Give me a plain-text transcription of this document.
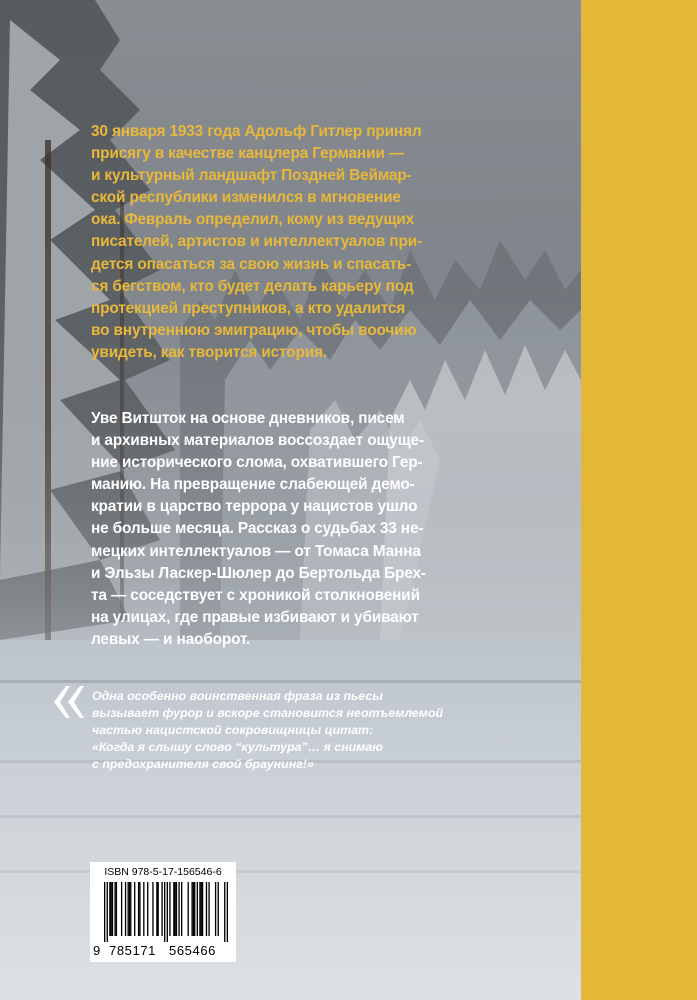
30 января 1933 года Адольф Гитлер принял
присягу в качестве канцлера Германии —
и культурный ландшафт Поздней Веймар-
ской республики изменился в мгновение
ока. Февраль определил, кому из ведущих
писателей, артистов и интеллектуалов при-
дется опасаться за свою жизнь и спасать-
ся бегством, кто будет делать карьеру под
протекцией преступников, а кто удалится
во внутреннюю эмиграцию, чтобы воочию
увидеть, как творится история.

Уве Витшток на основе дневников, писем
и архивных материалов воссоздает ощуще-
ние исторического слома, охватившего Гер-
манию. На превращение слабеющей демо-
кратии в царство террора у нацистов ушло
не больше месяца. Рассказ о судьбах 33 не-
мецких интеллектуалов — от Томаса Манна
и Эльзы Ласкер-Шюлер до Бертольда Брех-
та — соседствует с хроникой столкновений
на улицах, где правые избивают и убивают
левых — и наоборот.

Одна особенно воинственная фраза из пьесы
вызывает фурор и вскоре становится неотъемлемой
частью нацистской сокровищницы цитат:
«Когда я слышу слово “культура”… я снимаю
с предохранителя свой браунинг!»

ISBN 978-5-17-156546-6
9 785171 565466
